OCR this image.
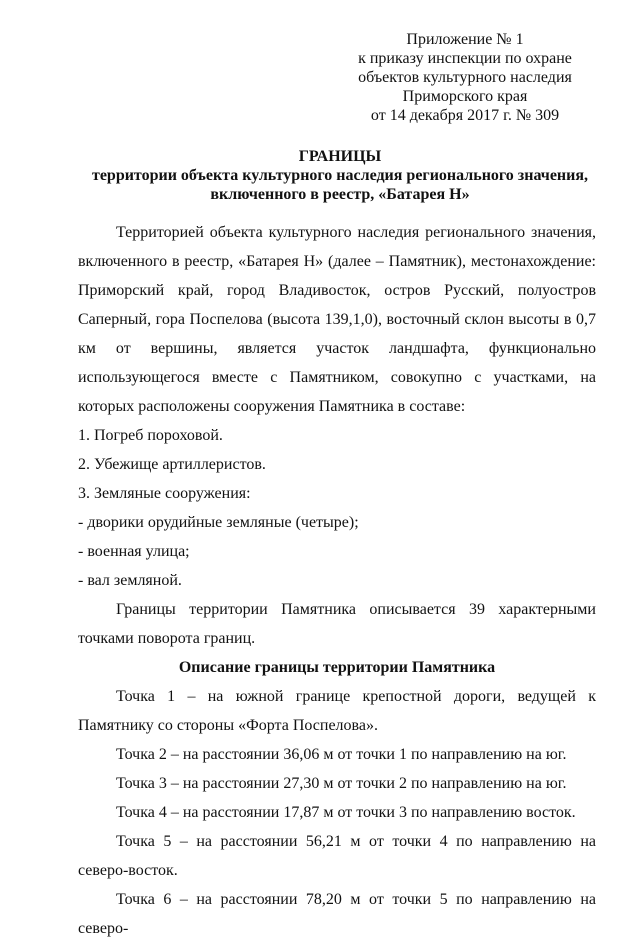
Приложение № 1
к приказу инспекции по охране
объектов культурного наследия
Приморского края
от 14 декабря 2017 г. № 309
ГРАНИЦЫ
территории объекта культурного наследия регионального значения,
включенного в реестр, «Батарея Н»

Территорией объекта культурного наследия регионального значения, включенного в реестр, «Батарея Н» (далее – Памятник), местонахождение: Приморский край, город Владивосток, остров Русский, полуостров Саперный, гора Поспелова (высота 139,1,0), восточный склон высоты в 0,7 км от вершины, является участок ландшафта, функционально использующегося вместе с Памятником, совокупно с участками, на которых расположены сооружения Памятника в составе:

1. Погреб пороховой.
2. Убежище артиллеристов.
3. Земляные сооружения:
- дворики орудийные земляные (четыре);
- военная улица;
- вал земляной.

Границы территории Памятника описывается 39 характерными точками поворота границ.

Описание границы территории Памятника

Точка 1 – на южной границе крепостной дороги, ведущей к Памятнику со стороны «Форта Поспелова».

Точка 2 – на расстоянии 36,06 м от точки 1 по направлению на юг.

Точка 3 – на расстоянии 27,30 м от точки 2 по направлению на юг.

Точка 4 – на расстоянии 17,87 м от точки 3 по направлению восток.

Точка 5 – на расстоянии 56,21 м от точки 4 по направлению на северо-восток.

Точка 6 – на расстоянии 78,20 м от точки 5 по направлению на северо-
